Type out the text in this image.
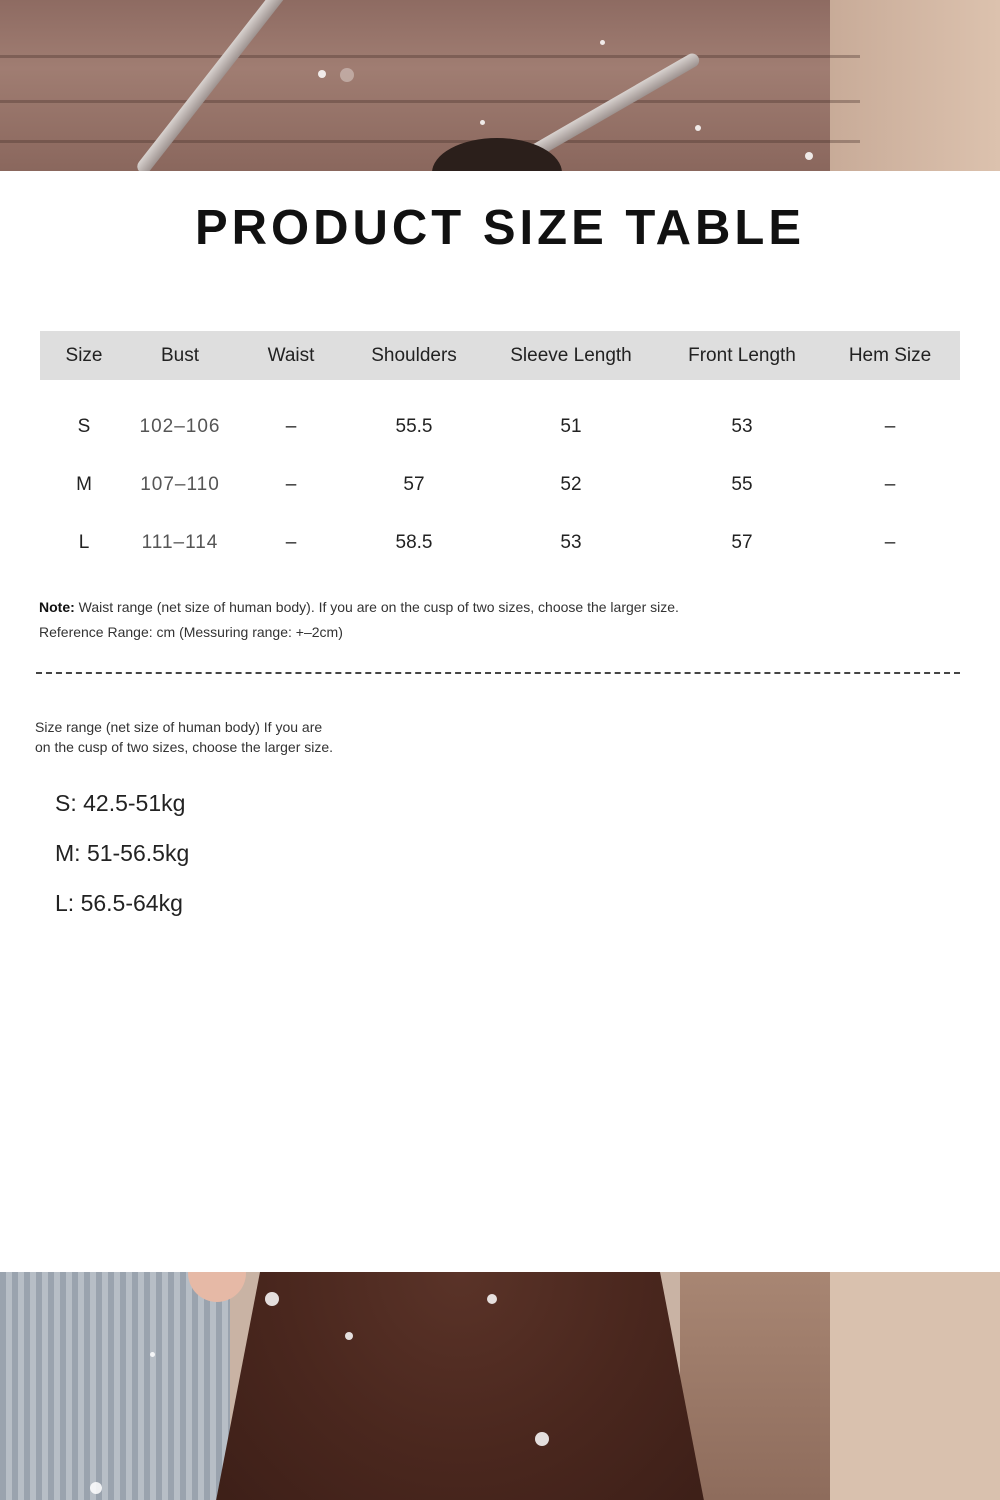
PRODUCT SIZE TABLE
Size	Bust	Waist	Shoulders	Sleeve Length	Front Length	Hem Size
S	102–106	–	55.5	51	53	–
M	107–110	–	57	52	55	–
L	111–114	–	58.5	53	57	–
Note: Waist range (net size of human body). If you are on the cusp of two sizes, choose the larger size.
Reference Range: cm (Messuring range: +–2cm)
Size range (net size of human body) If you are
on the cusp of two sizes, choose the larger size.
S: 42.5-51kg
M: 51-56.5kg
L: 56.5-64kg
